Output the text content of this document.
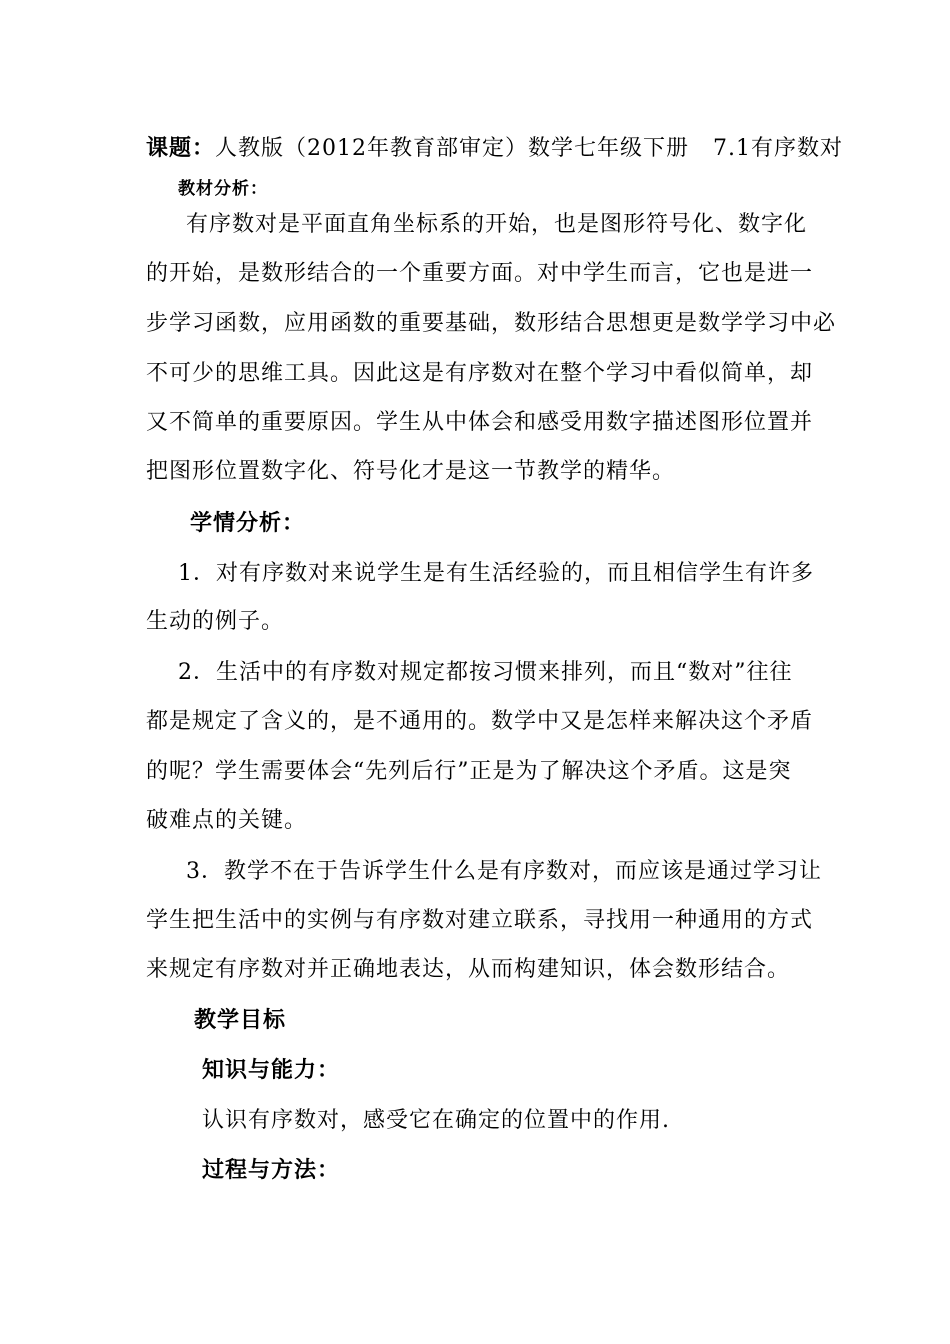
课题：人教版（2012年教育部审定）数学七年级下册   7.1有序数对
教材分析：
有序数对是平面直角坐标系的开始，也是图形符号化、数字化
的开始，是数形结合的一个重要方面。对中学生而言，它也是进一
步学习函数，应用函数的重要基础，数形结合思想更是数学学习中必
不可少的思维工具。因此这是有序数对在整个学习中看似简单，却
又不简单的重要原因。学生从中体会和感受用数字描述图形位置并
把图形位置数字化、符号化才是这一节教学的精华。
学情分析：
1．对有序数对来说学生是有生活经验的，而且相信学生有许多
生动的例子。
2．生活中的有序数对规定都按习惯来排列，而且“数对”往往
都是规定了含义的，是不通用的。数学中又是怎样来解决这个矛盾
的呢？学生需要体会“先列后行”正是为了解决这个矛盾。这是突
破难点的关键。
3．教学不在于告诉学生什么是有序数对，而应该是通过学习让
学生把生活中的实例与有序数对建立联系，寻找用一种通用的方式
来规定有序数对并正确地表达，从而构建知识，体会数形结合。
教学目标
知识与能力：
认识有序数对，感受它在确定的位置中的作用.
过程与方法：
